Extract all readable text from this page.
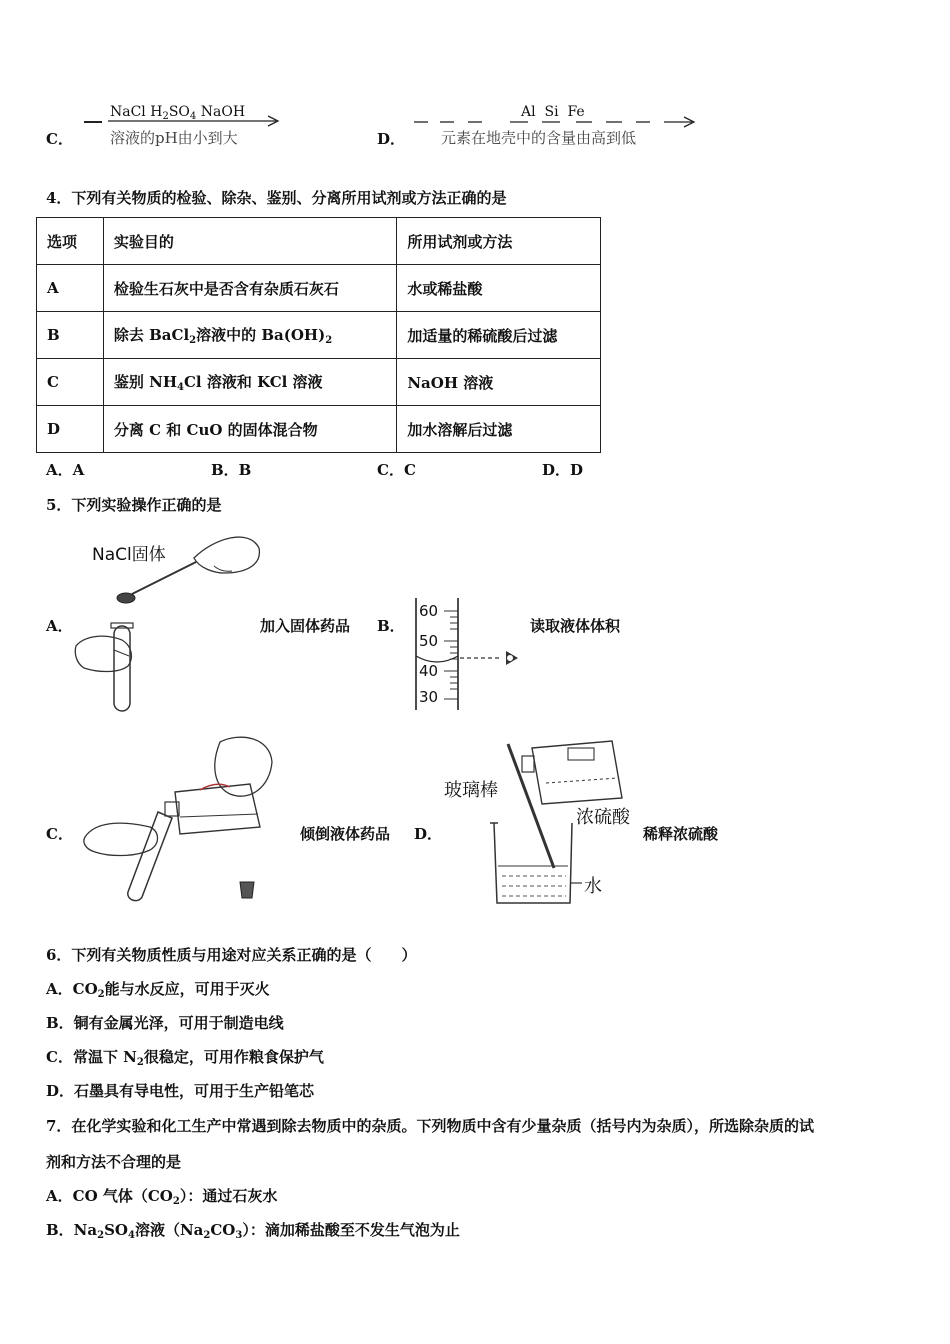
C．
NaCl $H_2SO_4$ NaOH
溶液的pH由小到大	D．
Al Si Fe
元素在地壳中的含量由高到低
4．下列有关物质的检验、除杂、鉴别、分离所用试剂或方法正确的是
选项	实验目的	所用试剂或方法
A	检验生石灰中是否含有杂质石灰石	水或稀盐酸
B	除去 BaCl$_2$溶液中的 $Ba(OH)_2$	加适量的稀硫酸后过滤
C	鉴别 $NH_4Cl$ 溶液和 KCl 溶液	NaOH 溶液
D	分离 C 和 CuO 的固体混合物	加水溶解后过滤
A．A	B．B	C．C	D．D
5．下列实验操作正确的是
NaCl固体
A．	加入固体药品 B．
60
50
40
30
读取液体体积
C．	倾倒液体药品 D．
玻璃棒
浓硫酸
水
稀释浓硫酸
6．下列有关物质性质与用途对应关系正确的是（　　）
A．$CO_2$能与水反应，可用于灭火
B．铜有金属光泽，可用于制造电线
C．常温下 $N_2$很稳定，可用作粮食保护气
D．石墨具有导电性，可用于生产铅笔芯
7．在化学实验和化工生产中常遇到除去物质中的杂质。下列物质中含有少量杂质（括号内为杂质），所选除杂质的试
剂和方法不合理的是
A．CO 气体$(CO_2)$：通过石灰水
B．$Na_2SO_4$溶液$(Na_2CO_3)$：滴加稀盐酸至不发生气泡为止
